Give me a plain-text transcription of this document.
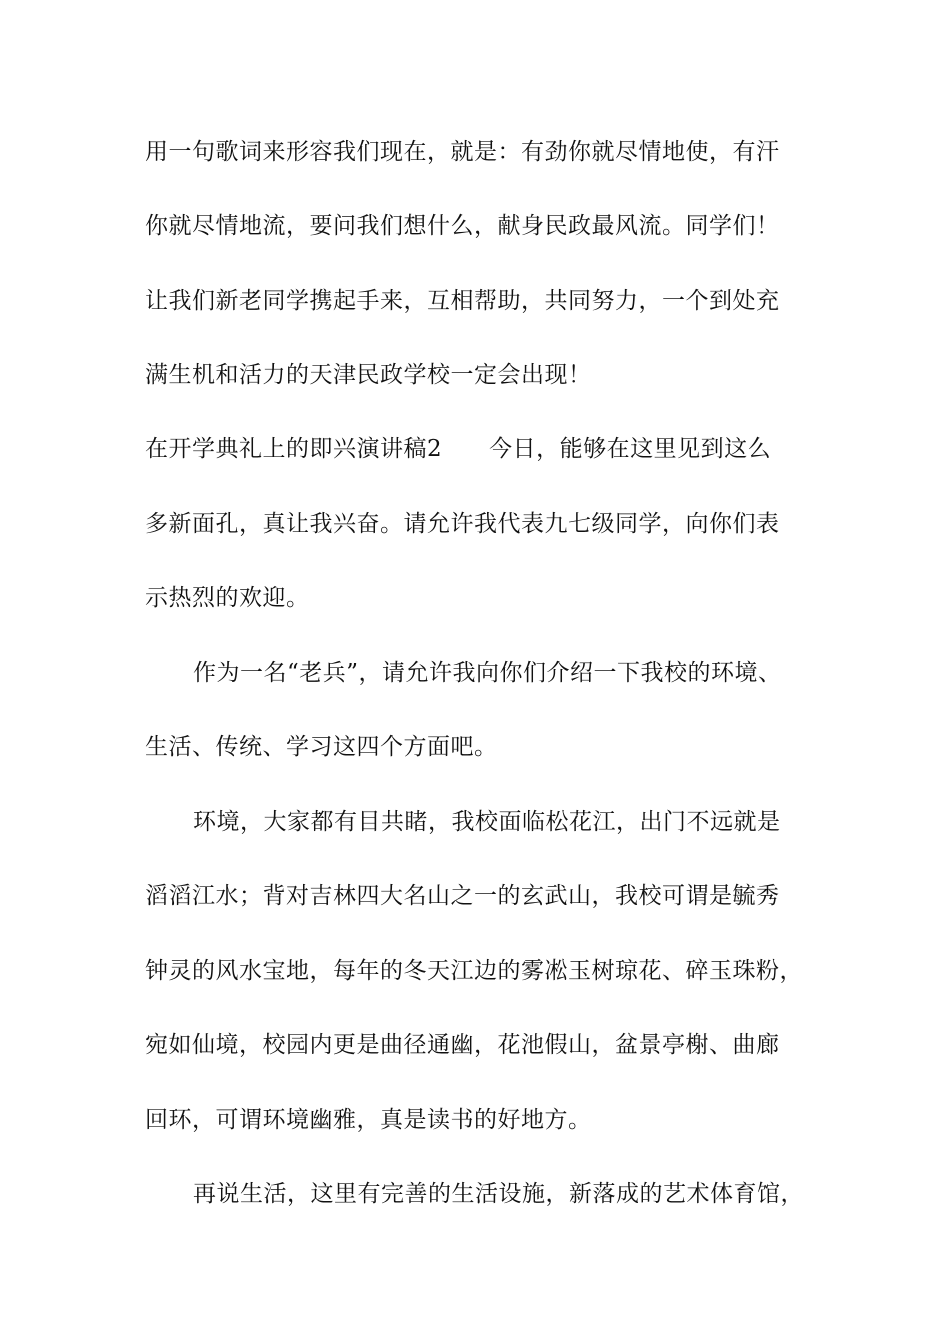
用一句歌词来形容我们现在，就是：有劲你就尽情地使，有汗
你就尽情地流，要问我们想什么，献身民政最风流。同学们！
让我们新老同学携起手来，互相帮助，共同努力，一个到处充
满生机和活力的天津民政学校一定会出现！
在开学典礼上的即兴演讲稿2　　今日，能够在这里见到这么
多新面孔，真让我兴奋。请允许我代表九七级同学，向你们表
示热烈的欢迎。
作为一名“老兵”，请允许我向你们介绍一下我校的环境、
生活、传统、学习这四个方面吧。
环境，大家都有目共睹，我校面临松花江，出门不远就是
滔滔江水；背对吉林四大名山之一的玄武山，我校可谓是毓秀
钟灵的风水宝地，每年的冬天江边的雾凇玉树琼花、碎玉珠粉，
宛如仙境，校园内更是曲径通幽，花池假山，盆景亭榭、曲廊
回环，可谓环境幽雅，真是读书的好地方。
再说生活，这里有完善的生活设施，新落成的艺术体育馆，
